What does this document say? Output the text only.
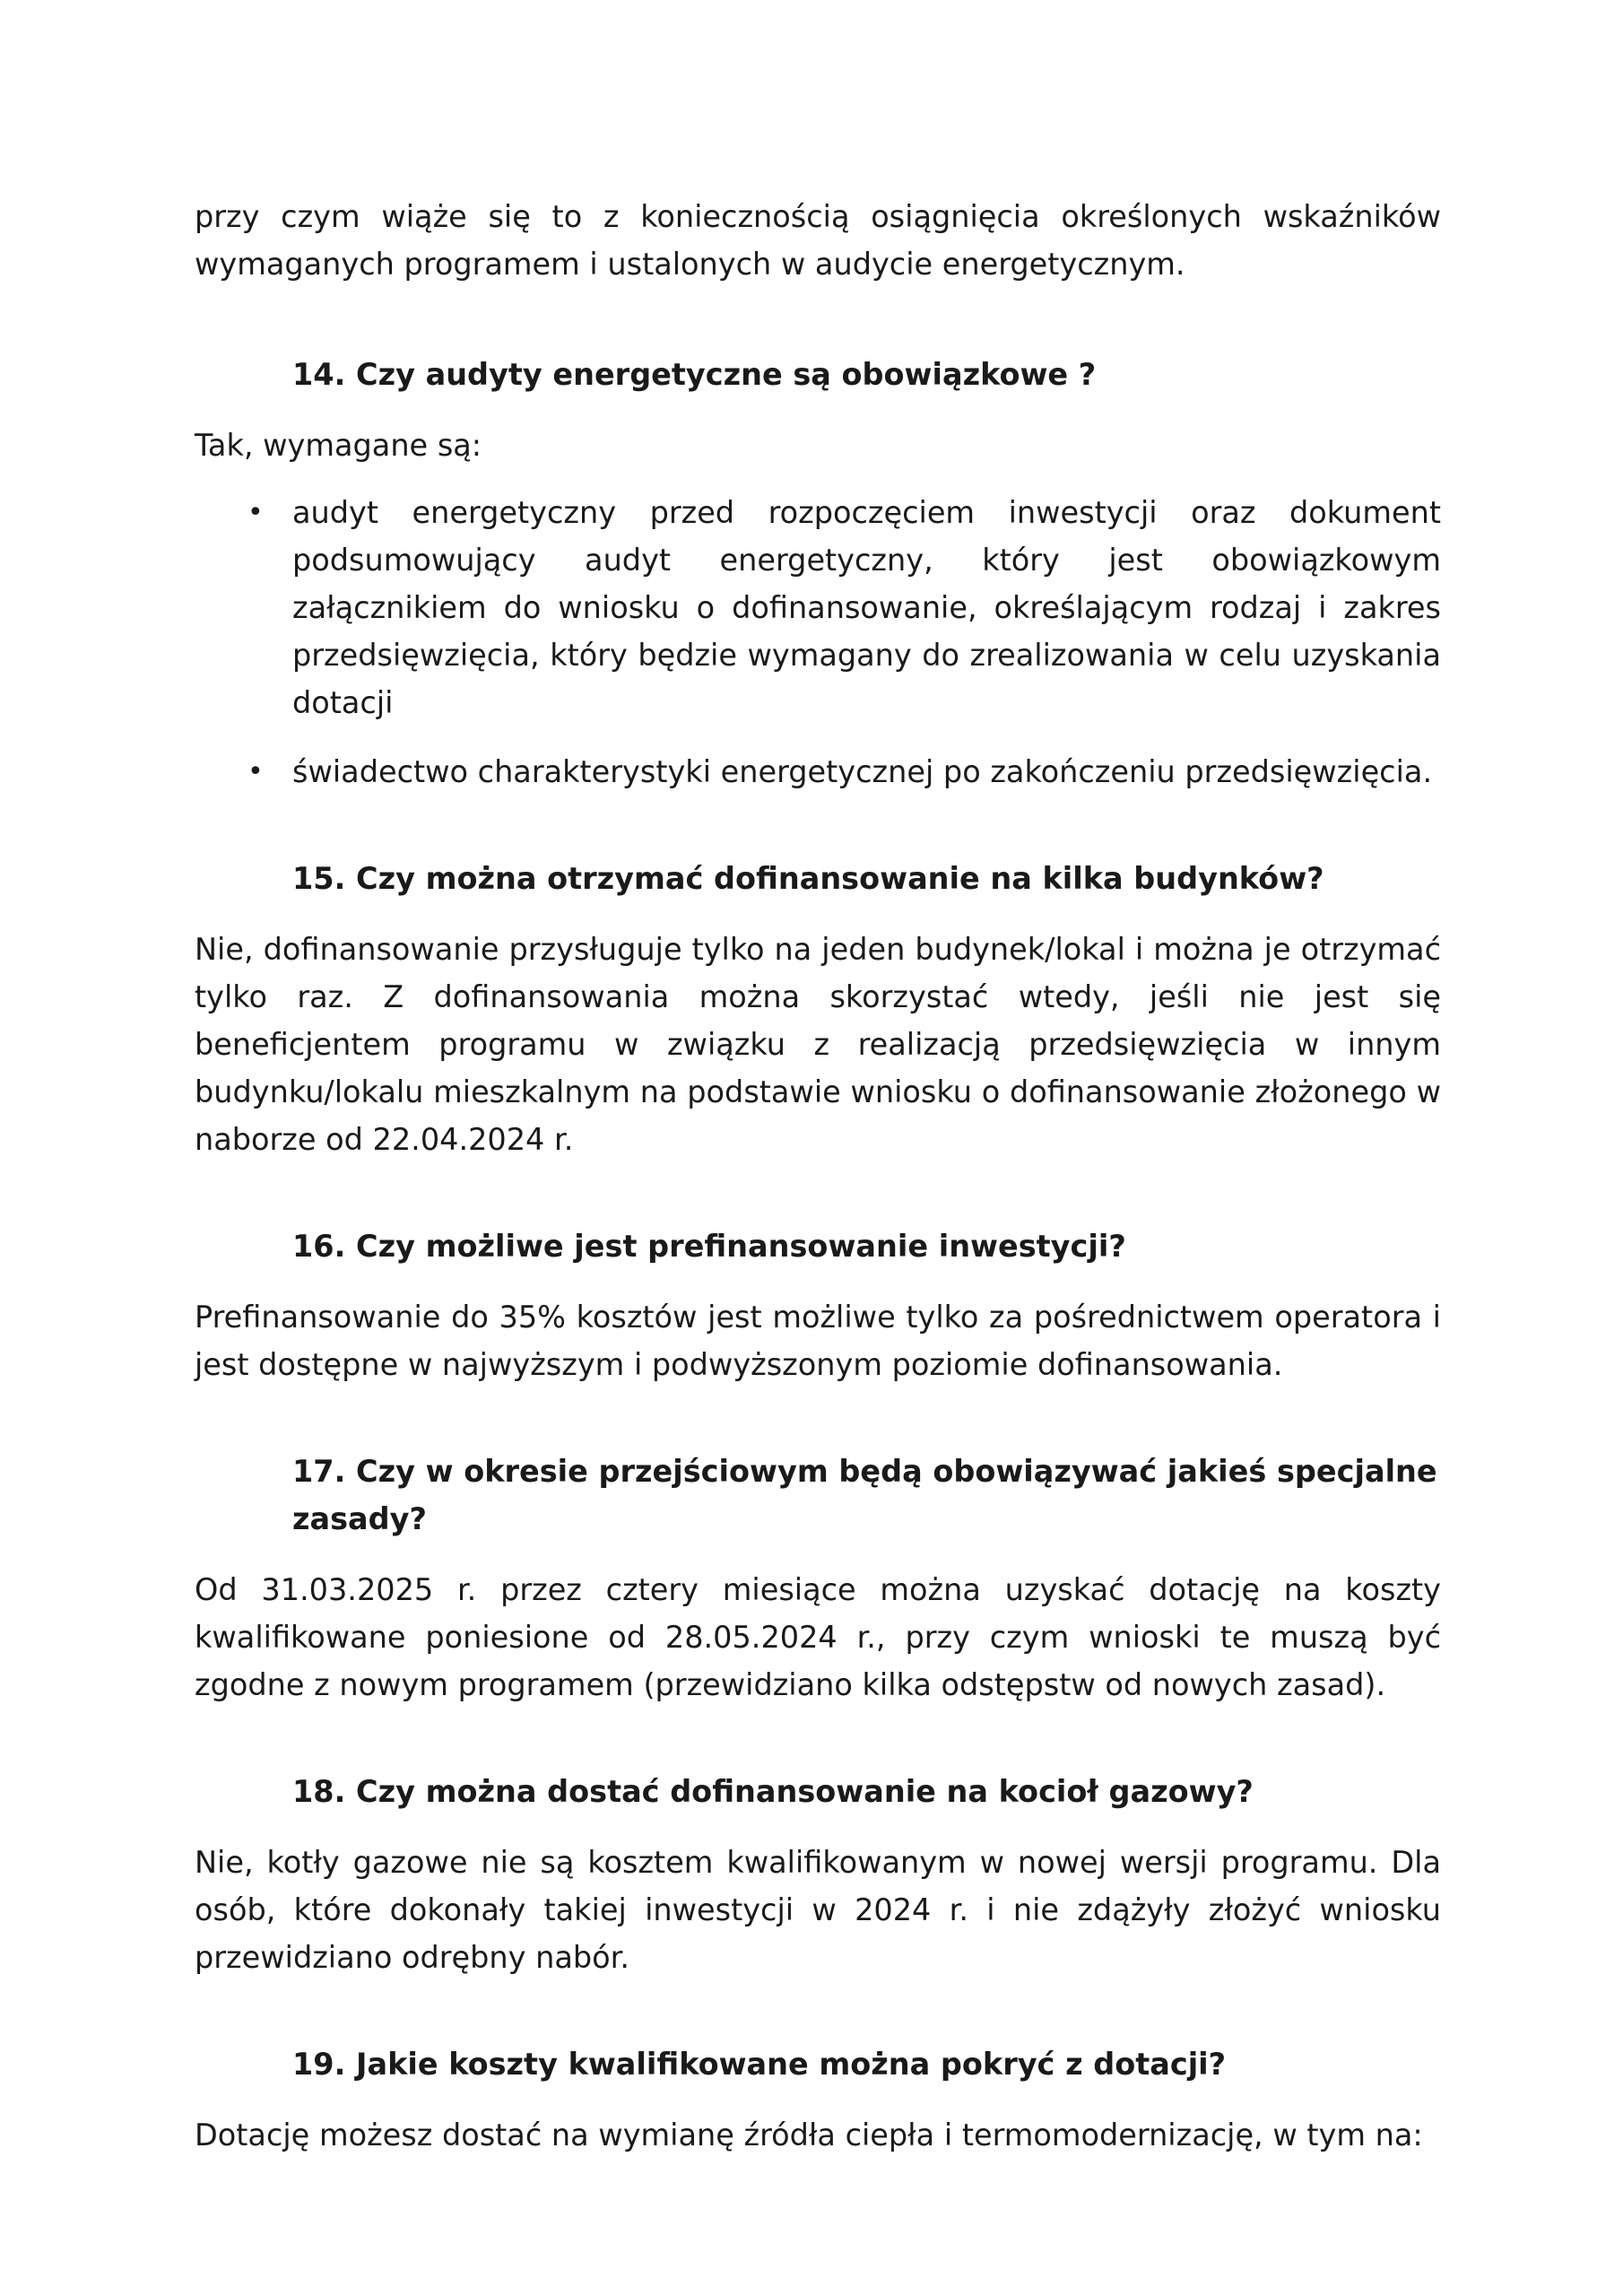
przy czym wiąże się to z koniecznością osiągnięcia określonych wskaźników wymaganych programem i ustalonych w audycie energetycznym.

14. Czy audyty energetyczne są obowiązkowe ?

Tak, wymagane są:

• audyt energetyczny przed rozpoczęciem inwestycji oraz dokument podsumowujący audyt energetyczny, który jest obowiązkowym załącznikiem do wniosku o dofinansowanie, określającym rodzaj i zakres przedsięwzięcia, który będzie wymagany do zrealizowania w celu uzyskania dotacji
• świadectwo charakterystyki energetycznej po zakończeniu przedsięwzięcia.
15. Czy można otrzymać dofinansowanie na kilka budynków?

Nie, dofinansowanie przysługuje tylko na jeden budynek/lokal i można je otrzymać tylko raz. Z dofinansowania można skorzystać wtedy, jeśli nie jest się beneficjentem programu w związku z realizacją przedsięwzięcia w innym budynku/lokalu mieszkalnym na podstawie wniosku o dofinansowanie złożonego w naborze od 22.04.2024 r.

16. Czy możliwe jest prefinansowanie inwestycji?

Prefinansowanie do 35% kosztów jest możliwe tylko za pośrednictwem operatora i jest dostępne w najwyższym i podwyższonym poziomie dofinansowania.

17. Czy w okresie przejściowym będą obowiązywać jakieś specjalne zasady?

Od 31.03.2025 r. przez cztery miesiące można uzyskać dotację na koszty kwalifikowane poniesione od 28.05.2024 r., przy czym wnioski te muszą być zgodne z nowym programem (przewidziano kilka odstępstw od nowych zasad).

18. Czy można dostać dofinansowanie na kocioł gazowy?

Nie, kotły gazowe nie są kosztem kwalifikowanym w nowej wersji programu. Dla osób, które dokonały takiej inwestycji w 2024 r. i nie zdążyły złożyć wniosku przewidziano odrębny nabór.

19. Jakie koszty kwalifikowane można pokryć z dotacji?

Dotację możesz dostać na wymianę źródła ciepła i termomodernizację, w tym na:
